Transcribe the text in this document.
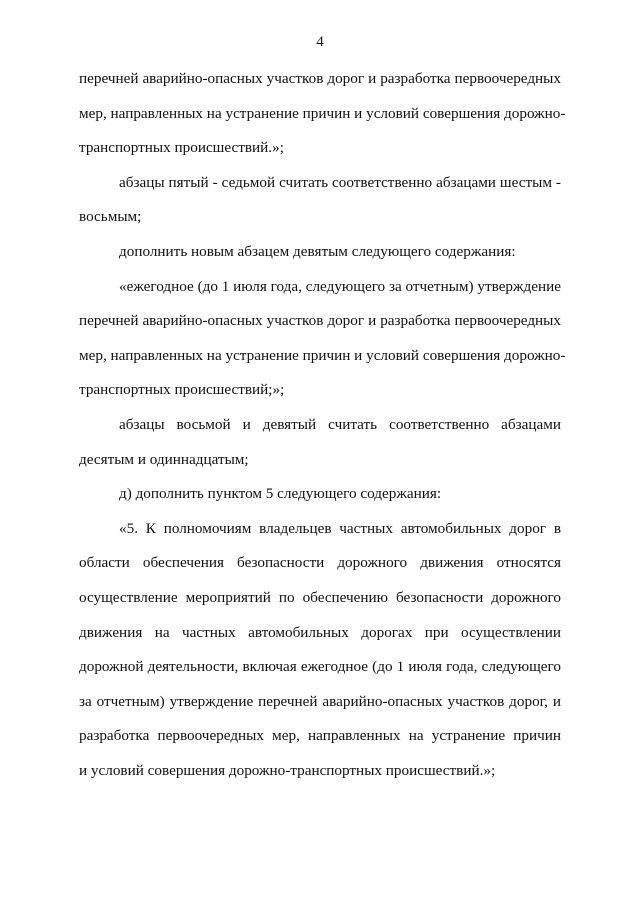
4

перечней аварийно-опасных участков дорог и разработка первоочередных
мер, направленных на устранение причин и условий совершения дорожно-
транспортных происшествий.»;

абзацы пятый - седьмой считать соответственно абзацами шестым -
восьмым;

дополнить новым абзацем девятым следующего содержания:

«ежегодное (до 1 июля года, следующего за отчетным) утверждение
перечней аварийно-опасных участков дорог и разработка первоочередных
мер, направленных на устранение причин и условий совершения дорожно-
транспортных происшествий;»;

абзацы восьмой и девятый считать соответственно абзацами
десятым и одиннадцатым;

д) дополнить пунктом 5 следующего содержания:

«5. К полномочиям владельцев частных автомобильных дорог в
области обеспечения безопасности дорожного движения относятся
осуществление мероприятий по обеспечению безопасности дорожного
движения на частных автомобильных дорогах при осуществлении
дорожной деятельности, включая ежегодное (до 1 июля года, следующего
за отчетным) утверждение перечней аварийно-опасных участков дорог, и
разработка первоочередных мер, направленных на устранение причин
и условий совершения дорожно-транспортных происшествий.»;
